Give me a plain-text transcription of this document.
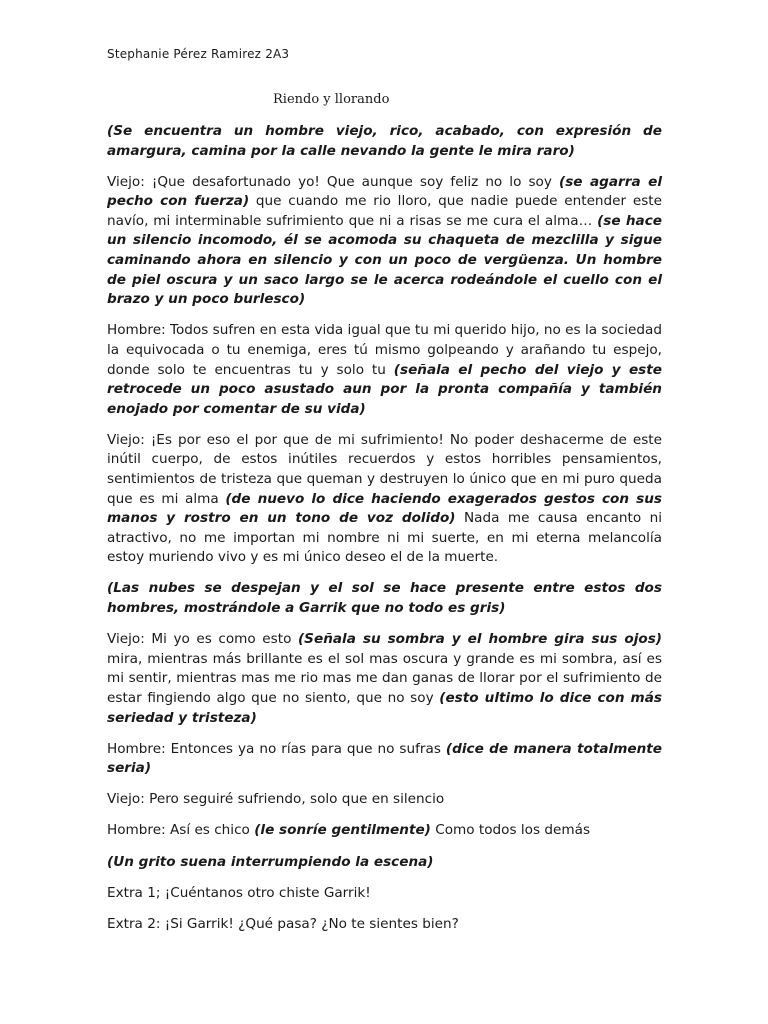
Stephanie Pérez Ramirez 2A3
Riendo y llorando

(Se encuentra un hombre viejo, rico, acabado, con expresión de amargura, camina por la calle nevando la gente le mira raro)

Viejo: ¡Que desafortunado yo! Que aunque soy feliz no lo soy (se agarra el pecho con fuerza) que cuando me rio lloro, que nadie puede entender este navío, mi interminable sufrimiento que ni a risas se me cura el alma… (se hace un silencio incomodo, él se acomoda su chaqueta de mezclilla y sigue caminando ahora en silencio y con un poco de vergüenza. Un hombre de piel oscura y un saco largo se le acerca rodeándole el cuello con el brazo y un poco burlesco)

Hombre: Todos sufren en esta vida igual que tu mi querido hijo, no es la sociedad la equivocada o tu enemiga, eres tú mismo golpeando y arañando tu espejo, donde solo te encuentras tu y solo tu (señala el pecho del viejo y este retrocede un poco asustado aun por la pronta compañía y también enojado por comentar de su vida)

Viejo: ¡Es por eso el por que de mi sufrimiento! No poder deshacerme de este inútil cuerpo, de estos inútiles recuerdos y estos horribles pensamientos, sentimientos de tristeza que queman y destruyen lo único que en mi puro queda que es mi alma (de nuevo lo dice haciendo exagerados gestos con sus manos y rostro en un tono de voz dolido) Nada me causa encanto ni atractivo, no me importan mi nombre ni mi suerte, en mi eterna melancolía estoy muriendo vivo y es mi único deseo el de la muerte.

(Las nubes se despejan y el sol se hace presente entre estos dos hombres, mostrándole a Garrik que no todo es gris)

Viejo: Mi yo es como esto (Señala su sombra y el hombre gira sus ojos) mira, mientras más brillante es el sol mas oscura y grande es mi sombra, así es mi sentir, mientras mas me rio mas me dan ganas de llorar por el sufrimiento de estar fingiendo algo que no siento, que no soy (esto ultimo lo dice con más seriedad y tristeza)

Hombre: Entonces ya no rías para que no sufras (dice de manera totalmente seria)

Viejo: Pero seguiré sufriendo, solo que en silencio

Hombre: Así es chico (le sonríe gentilmente) Como todos los demás

(Un grito suena interrumpiendo la escena)

Extra 1; ¡Cuéntanos otro chiste Garrik!

Extra 2: ¡Si Garrik! ¿Qué pasa? ¿No te sientes bien?
